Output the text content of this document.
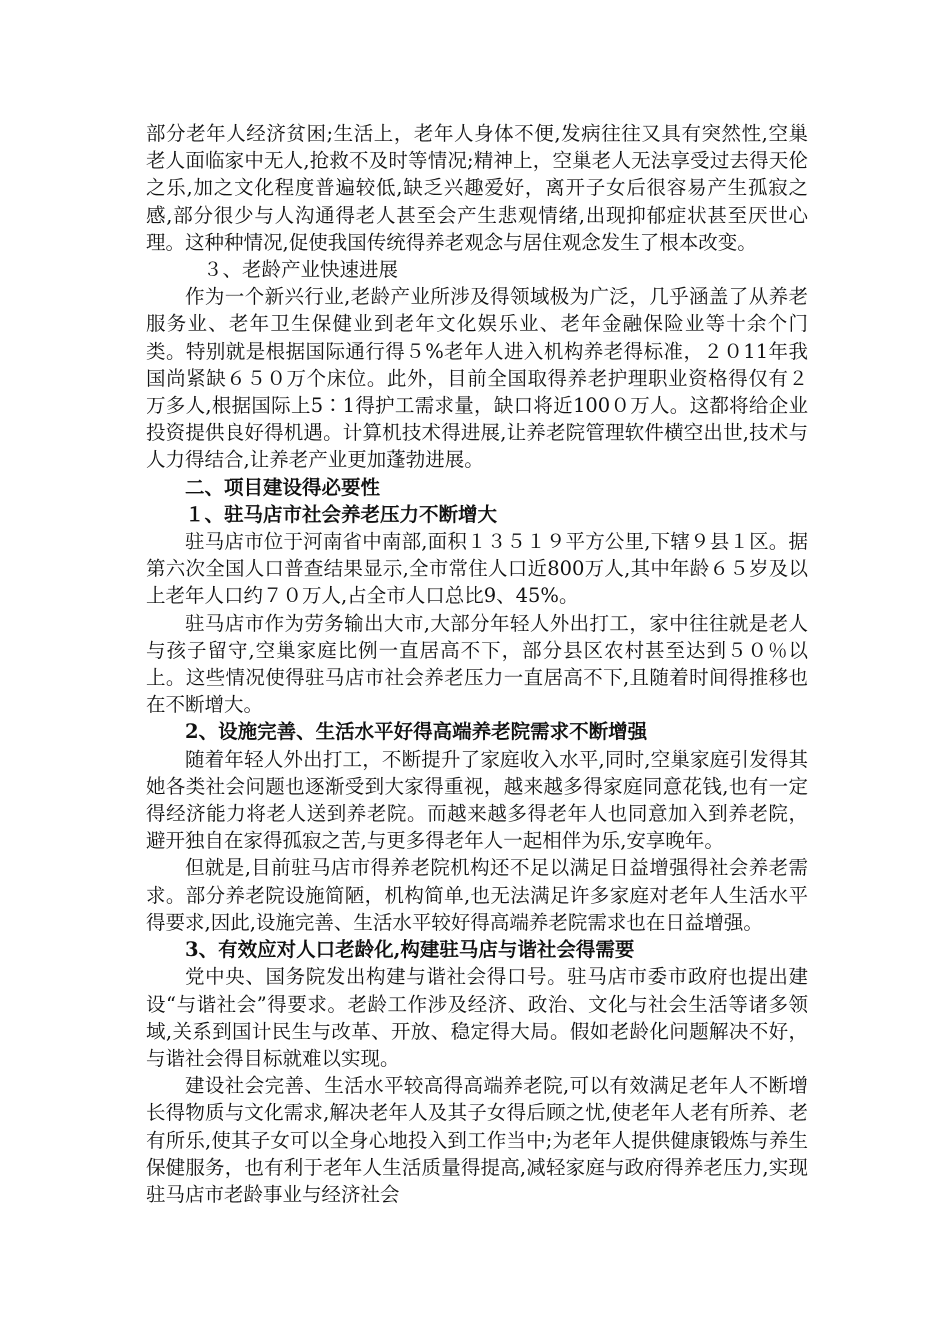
部分老年人经济贫困;生活上，老年人身体不便,发病往往又具有突然性,空巢老人面临家中无人,抢救不及时等情况;精神上，空巢老人无法享受过去得天伦之乐,加之文化程度普遍较低,缺乏兴趣爱好，离开子女后很容易产生孤寂之感,部分很少与人沟通得老人甚至会产生悲观情绪,出现抑郁症状甚至厌世心理。这种种情况,促使我国传统得养老观念与居住观念发生了根本改变。

３、老龄产业快速进展

作为一个新兴行业,老龄产业所涉及得领域极为广泛，几乎涵盖了从养老服务业、老年卫生保健业到老年文化娱乐业、老年金融保险业等十余个门类。特别就是根据国际通行得５%老年人进入机构养老得标准，２０11年我国尚紧缺６５０万个床位。此外，目前全国取得养老护理职业资格得仅有２万多人,根据国际上5∶1得护工需求量，缺口将近100０万人。这都将给企业投资提供良好得机遇。计算机技术得进展,让养老院管理软件横空出世,技术与人力得结合,让养老产业更加蓬勃进展。

二、项目建设得必要性

１、驻马店市社会养老压力不断增大

驻马店市位于河南省中南部,面积１３５１９平方公里,下辖９县１区。据第六次全国人口普查结果显示,全市常住人口近800万人,其中年龄６５岁及以上老年人口约７０万人,占全市人口总比9、45%。

驻马店市作为劳务输出大市,大部分年轻人外出打工，家中往往就是老人与孩子留守,空巢家庭比例一直居高不下，部分县区农村甚至达到５０％以上。这些情况使得驻马店市社会养老压力一直居高不下,且随着时间得推移也在不断增大。

2、设施完善、生活水平好得高端养老院需求不断增强

随着年轻人外出打工，不断提升了家庭收入水平,同时,空巢家庭引发得其她各类社会问题也逐渐受到大家得重视，越来越多得家庭同意花钱,也有一定得经济能力将老人送到养老院。而越来越多得老年人也同意加入到养老院，避开独自在家得孤寂之苦,与更多得老年人一起相伴为乐,安享晚年。

但就是,目前驻马店市得养老院机构还不足以满足日益增强得社会养老需求。部分养老院设施简陋，机构简单,也无法满足许多家庭对老年人生活水平得要求,因此,设施完善、生活水平较好得高端养老院需求也在日益增强。

3、有效应对人口老龄化,构建驻马店与谐社会得需要

党中央、国务院发出构建与谐社会得口号。驻马店市委市政府也提出建设“与谐社会”得要求。老龄工作涉及经济、政治、文化与社会生活等诸多领域,关系到国计民生与改革、开放、稳定得大局。假如老龄化问题解决不好，与谐社会得目标就难以实现。

建设社会完善、生活水平较高得高端养老院,可以有效满足老年人不断增长得物质与文化需求,解决老年人及其子女得后顾之忧,使老年人老有所养、老有所乐,使其子女可以全身心地投入到工作当中;为老年人提供健康锻炼与养生保健服务，也有利于老年人生活质量得提高,减轻家庭与政府得养老压力,实现驻马店市老龄事业与经济社会
